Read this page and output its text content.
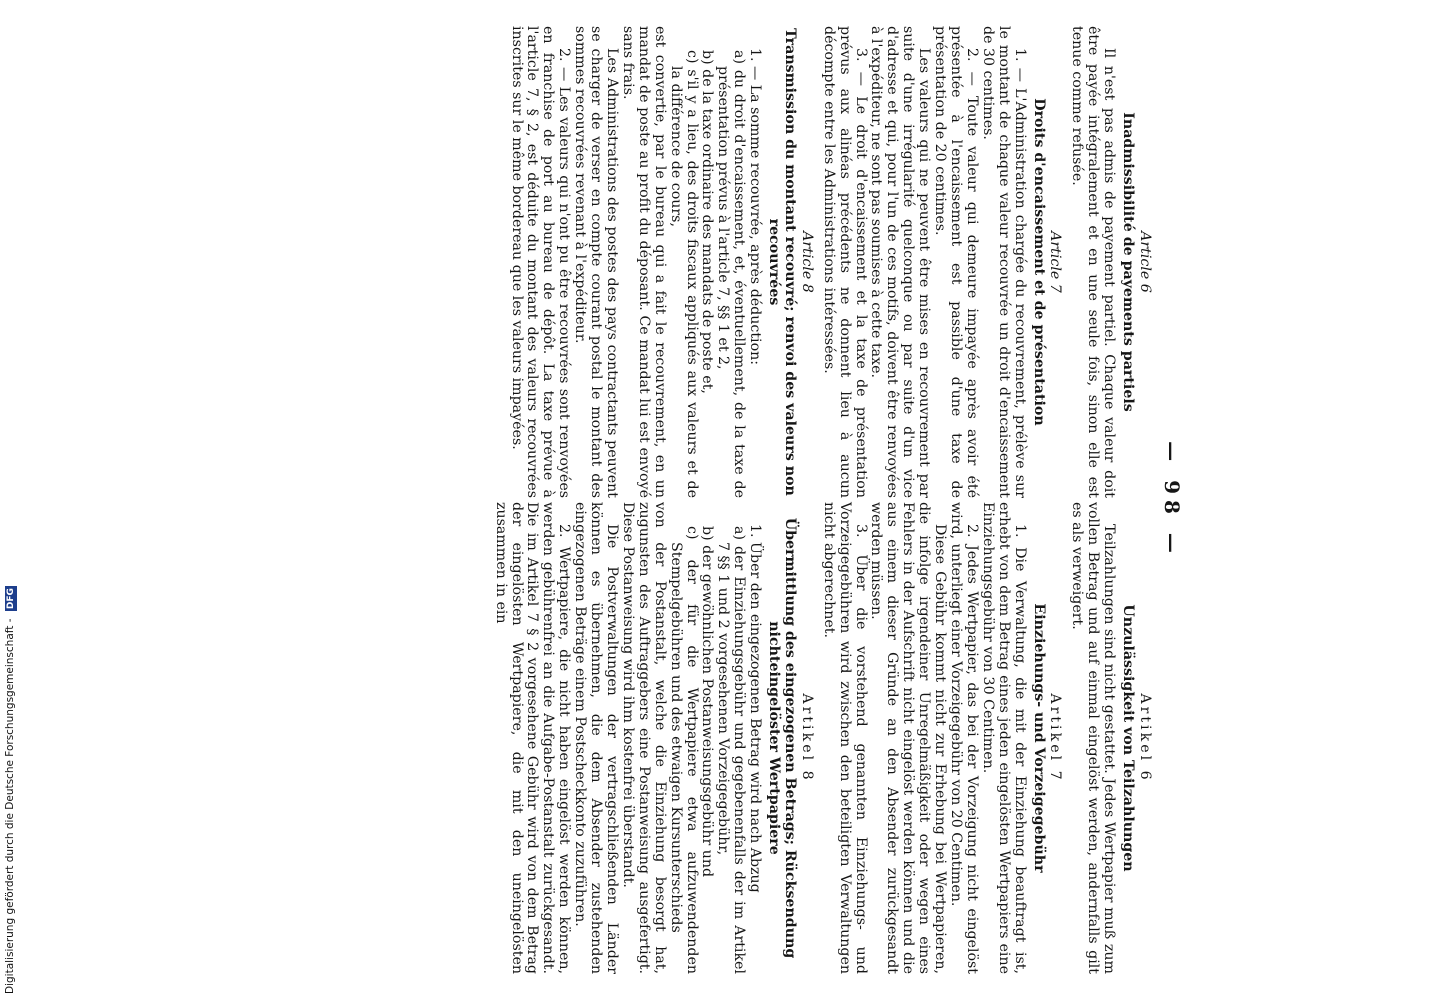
— 98 —
Article 6
Inadmissibilité de payements partiels

Il n'est pas admis de payement partiel. Chaque valeur doit être payée intégralement et en une seule fois, sinon elle est tenue comme refusée.

Article 7
Droits d'encaissement et de présentation

1. — L'Administration chargée du recouvrement, prélève sur le montant de chaque valeur recouvrée un droit d'encaissement de 30 centimes.

2. — Toute valeur qui demeure impayée après avoir été présentée à l'encaissement est passible d'une taxe de présentation de 20 centimes.

Les valeurs qui ne peuvent être mises en recouvrement par suite d'une irrégularité quelconque ou par suite d'un vice d'adresse et qui, pour l'un de ces motifs, doivent être renvoyées à l'expéditeur, ne sont pas soumises à cette taxe.

3. — Le droit d'encaissement et la taxe de présentation prévus aux alinéas précédents ne donnent lieu à aucun décompte entre les Administrations intéressées.

Article 8
Transmission du montant recouvré; renvoi des valeurs non recouvrées

1. — La somme recouvrée, après déduction:

a) du droit d'encaissement, et, éventuellement, de la taxe de présentation prévus à l'article 7, §§ 1 et 2,

b) de la taxe ordinaire des mandats de poste et,

c) s'il y a lieu, des droits fiscaux appliqués aux valeurs et de la différence de cours,

est convertie, par le bureau qui a fait le recouvrement, en un mandat de poste au profit du déposant. Ce mandat lui est envoyé sans frais.

Les Administrations des postes des pays contractants peuvent se charger de verser en compte courant postal le montant des sommes recouvrées revenant à l'expéditeur.

2. — Les valeurs qui n'ont pu être recouvrées sont renvoyées en franchise de port au bureau de dépôt. La taxe prévue à l'article 7, § 2, est déduite du montant des valeurs recouvrées inscrites sur le même bordereau que les valeurs impayées.

Artikel 6
Unzulässigkeit von Teilzahlungen

Teilzahlungen sind nicht gestattet. Jedes Wertpapier muß zum vollen Betrag und auf einmal eingelöst werden, andernfalls gilt es als verweigert.

Artikel 7
Einziehungs- und Vorzeigegebühr

1. Die Verwaltung, die mit der Einziehung beauftragt ist, erhebt von dem Betrag eines jeden eingelösten Wertpapiers eine Einziehungsgebühr von 30 Centimen.

2. Jedes Wertpapier, das bei der Vorzeigung nicht eingelöst wird, unterliegt einer Vorzeigegebühr von 20 Centimen.

Diese Gebühr kommt nicht zur Erhebung bei Wertpapieren, die infolge irgendeiner Unregelmäßigkeit oder wegen eines Fehlers in der Aufschrift nicht eingelöst werden können und die aus einem dieser Gründe an den Absender zurückgesandt werden müssen.

3. Über die vorstehend genannten Einziehungs- und Vorzeigegebühren wird zwischen den beteiligten Verwaltungen nicht abgerechnet.

Artikel 8
Übermittlung des eingezogenen Betrags; Rücksendung nichteingelöster Wertpapiere

1. Über den eingezogenen Betrag wird nach Abzug

a) der Einziehungsgebühr und gegebenenfalls der im Artikel 7 §§ 1 und 2 vorgesehenen Vorzeigegebühr,

b) der gewöhnlichen Postanweisungsgebühr und

c) der für die Wertpapiere etwa aufzuwendenden Stempelgebühren und des etwaigen Kursunterschieds

von der Postanstalt, welche die Einziehung besorgt hat, zugunsten des Auftraggebers eine Postanweisung ausgefertigt. Diese Postanweisung wird ihm kostenfrei überstandt.

Die Postverwaltungen der vertragschließenden Länder können es übernehmen, die dem Absender zustehenden eingezogenen Beträge einem Postscheckkonto zuzuführen.

2. Wertpapiere, die nicht haben eingelöst werden können, werden gebührenfrei an die Aufgabe-Postanstalt zurückgesandt. Die im Artikel 7 § 2 vorgesehene Gebühr wird von dem Betrag der eingelösten Wertpapiere, die mit den uneingelösten zusammen in ein

Digitalisierung gefördert durch die Deutsche Forschungsgemeinschaft - DFG
